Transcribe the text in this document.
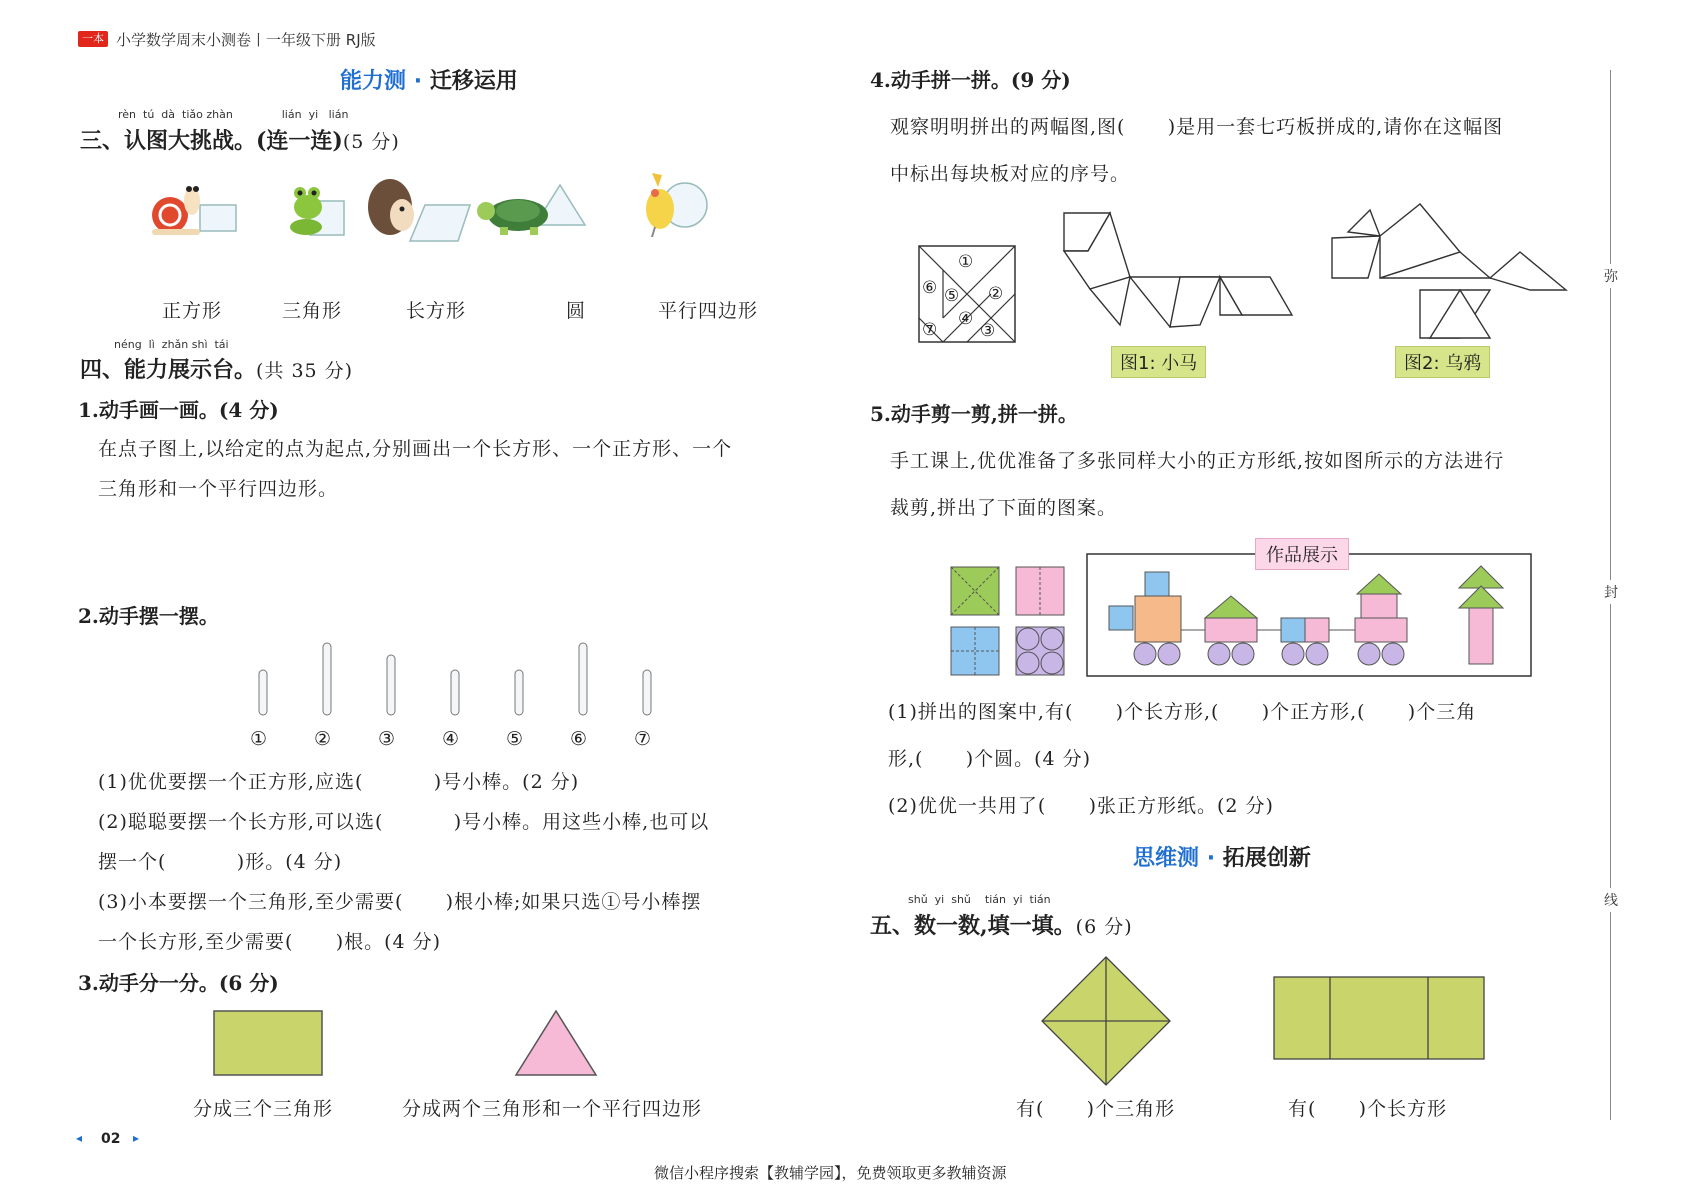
一本 小学数学周末小测卷丨一年级下册 RJ版
能力测 · 迁移运用
rèn  tú  dà  tiǎo zhàn              lián  yi   lián
三、认图大挑战。(连一连)(5 分)
正方形	三角形	长方形	圆	平行四边形
néng  lì  zhǎn shì  tái
四、能力展示台。(共 35 分)
1.动手画一画。(4 分)
在点子图上,以给定的点为起点,分别画出一个长方形、一个正方形、一个
三角形和一个平行四边形。
2.动手摆一摆。
① ② ③ ④ ⑤ ⑥ ⑦
(1)优优要摆一个正方形,应选(          )号小棒。(2 分)
(2)聪聪要摆一个长方形,可以选(          )号小棒。用这些小棒,也可以
摆一个(          )形。(4 分)
(3)小本要摆一个三角形,至少需要(      )根小棒;如果只选①号小棒摆
一个长方形,至少需要(      )根。(4 分)
3.动手分一分。(6 分)
分成三个三角形	分成两个三角形和一个平行四边形
◂ 02 ▸
4.动手拼一拼。(9 分)
观察明明拼出的两幅图,图(      )是用一套七巧板拼成的,请你在这幅图
中标出每块板对应的序号。
①
②
③
④
⑤
⑥
⑦
图1: 小马	图2: 乌鸦
5.动手剪一剪,拼一拼。
手工课上,优优准备了多张同样大小的正方形纸,按如图所示的方法进行
裁剪,拼出了下面的图案。
作品展示
(1)拼出的图案中,有(      )个长方形,(      )个正方形,(      )个三角
形,(      )个圆。(4 分)
(2)优优一共用了(      )张正方形纸。(2 分)
思维测 · 拓展创新
shǔ  yi  shǔ    tián  yi  tián
五、数一数,填一填。(6 分)
有(      )个三角形	有(      )个长方形
弥
封
线
微信小程序搜索【教辅学园】，免费领取更多教辅资源
